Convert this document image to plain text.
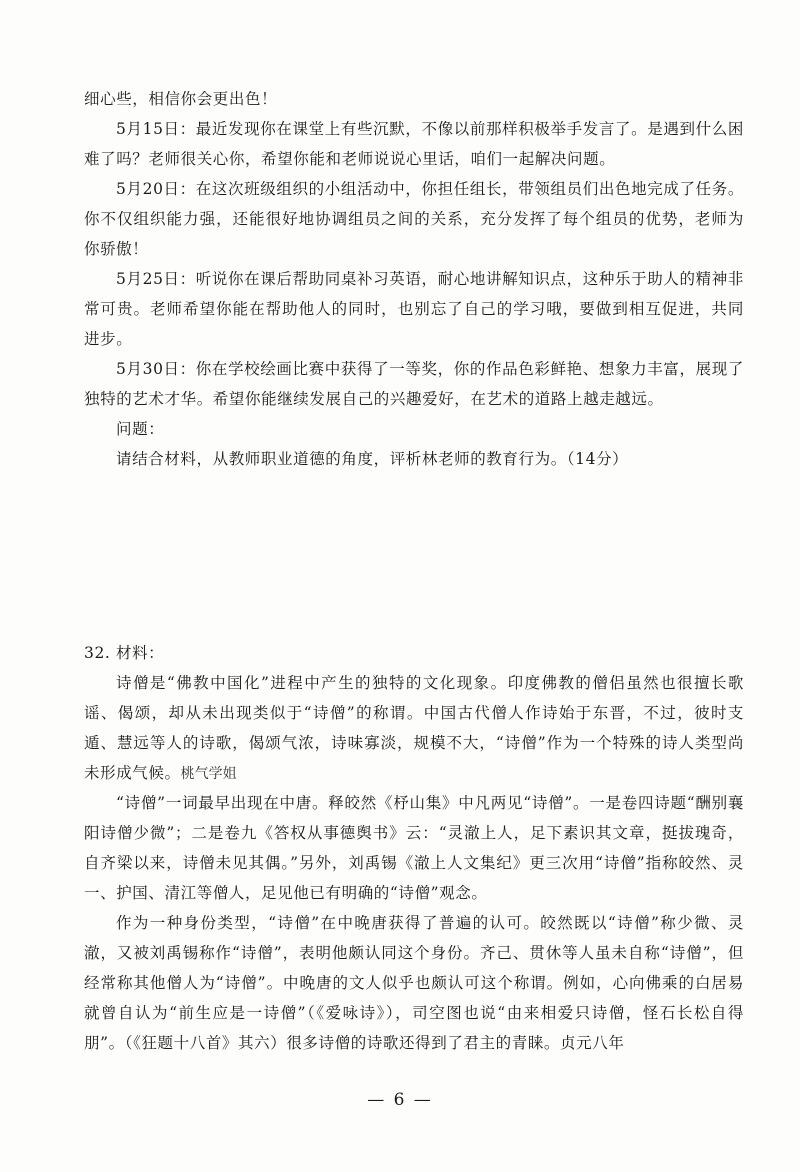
细心些，相信你会更出色！

5月15日：最近发现你在课堂上有些沉默，不像以前那样积极举手发言了。是遇到什么困难了吗？老师很关心你，希望你能和老师说说心里话，咱们一起解决问题。

5月20日：在这次班级组织的小组活动中，你担任组长，带领组员们出色地完成了任务。你不仅组织能力强，还能很好地协调组员之间的关系，充分发挥了每个组员的优势，老师为你骄傲！

5月25日：听说你在课后帮助同桌补习英语，耐心地讲解知识点，这种乐于助人的精神非常可贵。老师希望你能在帮助他人的同时，也别忘了自己的学习哦，要做到相互促进，共同进步。

5月30日：你在学校绘画比赛中获得了一等奖，你的作品色彩鲜艳、想象力丰富，展现了独特的艺术才华。希望你能继续发展自己的兴趣爱好，在艺术的道路上越走越远。

问题：

请结合材料，从教师职业道德的角度，评析林老师的教育行为。（14分）

32. 材料：

诗僧是“佛教中国化”进程中产生的独特的文化现象。印度佛教的僧侣虽然也很擅长歌谣、偈颂，却从未出现类似于“诗僧”的称谓。中国古代僧人作诗始于东晋，不过，彼时支遁、慧远等人的诗歌，偈颂气浓，诗味寡淡，规模不大，“诗僧”作为一个特殊的诗人类型尚未形成气候。桃气学姐

“诗僧”一词最早出现在中唐。释皎然《杼山集》中凡两见“诗僧”。一是卷四诗题“酬别襄阳诗僧少微”；二是卷九《答权从事德舆书》云：“灵澈上人，足下素识其文章，挺拔瑰奇，自齐梁以来，诗僧未见其偶。”另外，刘禹锡《澈上人文集纪》更三次用“诗僧”指称皎然、灵一、护国、清江等僧人，足见他已有明确的“诗僧”观念。

作为一种身份类型，“诗僧”在中晚唐获得了普遍的认可。皎然既以“诗僧”称少微、灵澈，又被刘禹锡称作“诗僧”，表明他颇认同这个身份。齐己、贯休等人虽未自称“诗僧”，但经常称其他僧人为“诗僧”。中晚唐的文人似乎也颇认可这个称谓。例如，心向佛乘的白居易就曾自认为“前生应是一诗僧”（《爱咏诗》），司空图也说“由来相爱只诗僧，怪石长松自得朋”。（《狂题十八首》其六）很多诗僧的诗歌还得到了君主的青睐。贞元八年

— 6 —
